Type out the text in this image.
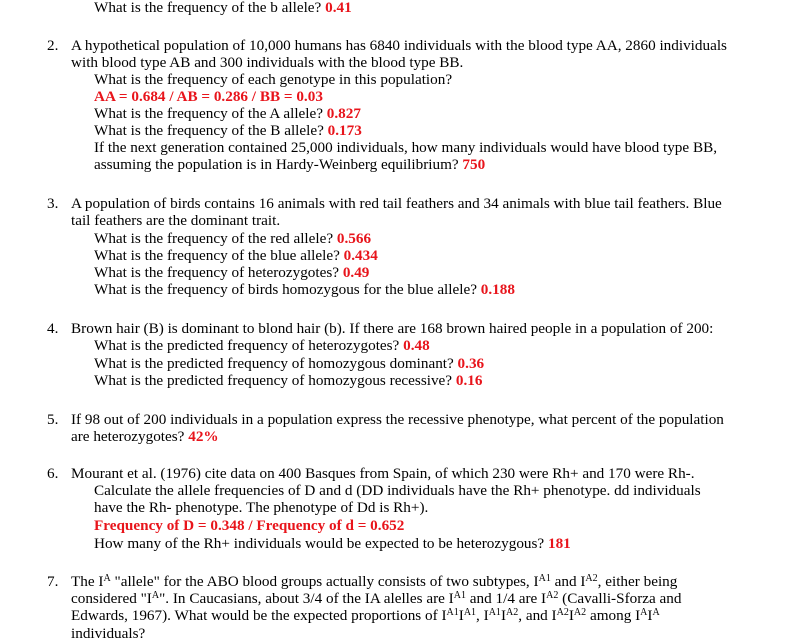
What is the frequency of the b allele? 0.41
2. A hypothetical population of 10,000 humans has 6840 individuals with the blood type AA, 2860 individuals
with blood type AB and 300 individuals with the blood type BB.
What is the frequency of each genotype in this population?
AA = 0.684 / AB = 0.286 / BB = 0.03
What is the frequency of the A allele? 0.827
What is the frequency of the B allele? 0.173
If the next generation contained 25,000 individuals, how many individuals would have blood type BB,
assuming the population is in Hardy-Weinberg equilibrium? 750
3. A population of birds contains 16 animals with red tail feathers and 34 animals with blue tail feathers. Blue
tail feathers are the dominant trait.
What is the frequency of the red allele? 0.566
What is the frequency of the blue allele? 0.434
What is the frequency of heterozygotes? 0.49
What is the frequency of birds homozygous for the blue allele? 0.188
4. Brown hair (B) is dominant to blond hair (b). If there are 168 brown haired people in a population of 200:
What is the predicted frequency of heterozygotes? 0.48
What is the predicted frequency of homozygous dominant? 0.36
What is the predicted frequency of homozygous recessive? 0.16
5. If 98 out of 200 individuals in a population express the recessive phenotype, what percent of the population
are heterozygotes? 42%
6. Mourant et al. (1976) cite data on 400 Basques from Spain, of which 230 were Rh+ and 170 were Rh-.
Calculate the allele frequencies of D and d (DD individuals have the Rh+ phenotype. dd individuals
have the Rh- phenotype. The phenotype of Dd is Rh+).
Frequency of D = 0.348 / Frequency of d = 0.652
How many of the Rh+ individuals would be expected to be heterozygous? 181
7. The $I^A$ "allele" for the ABO blood groups actually consists of two subtypes, $I^{A1}$ and $I^{A2}$, either being
considered "$I^A$". In Caucasians, about 3/4 of the IA alelles are $I^{A1}$ and 1/4 are $I^{A2}$ (Cavalli-Sforza and
Edwards, 1967). What would be the expected proportions of $I^{A1}I^{A1}$, $I^{A1}I^{A2}$, and $I^{A2}I^{A2}$ among $I^AI^A$
individuals?
